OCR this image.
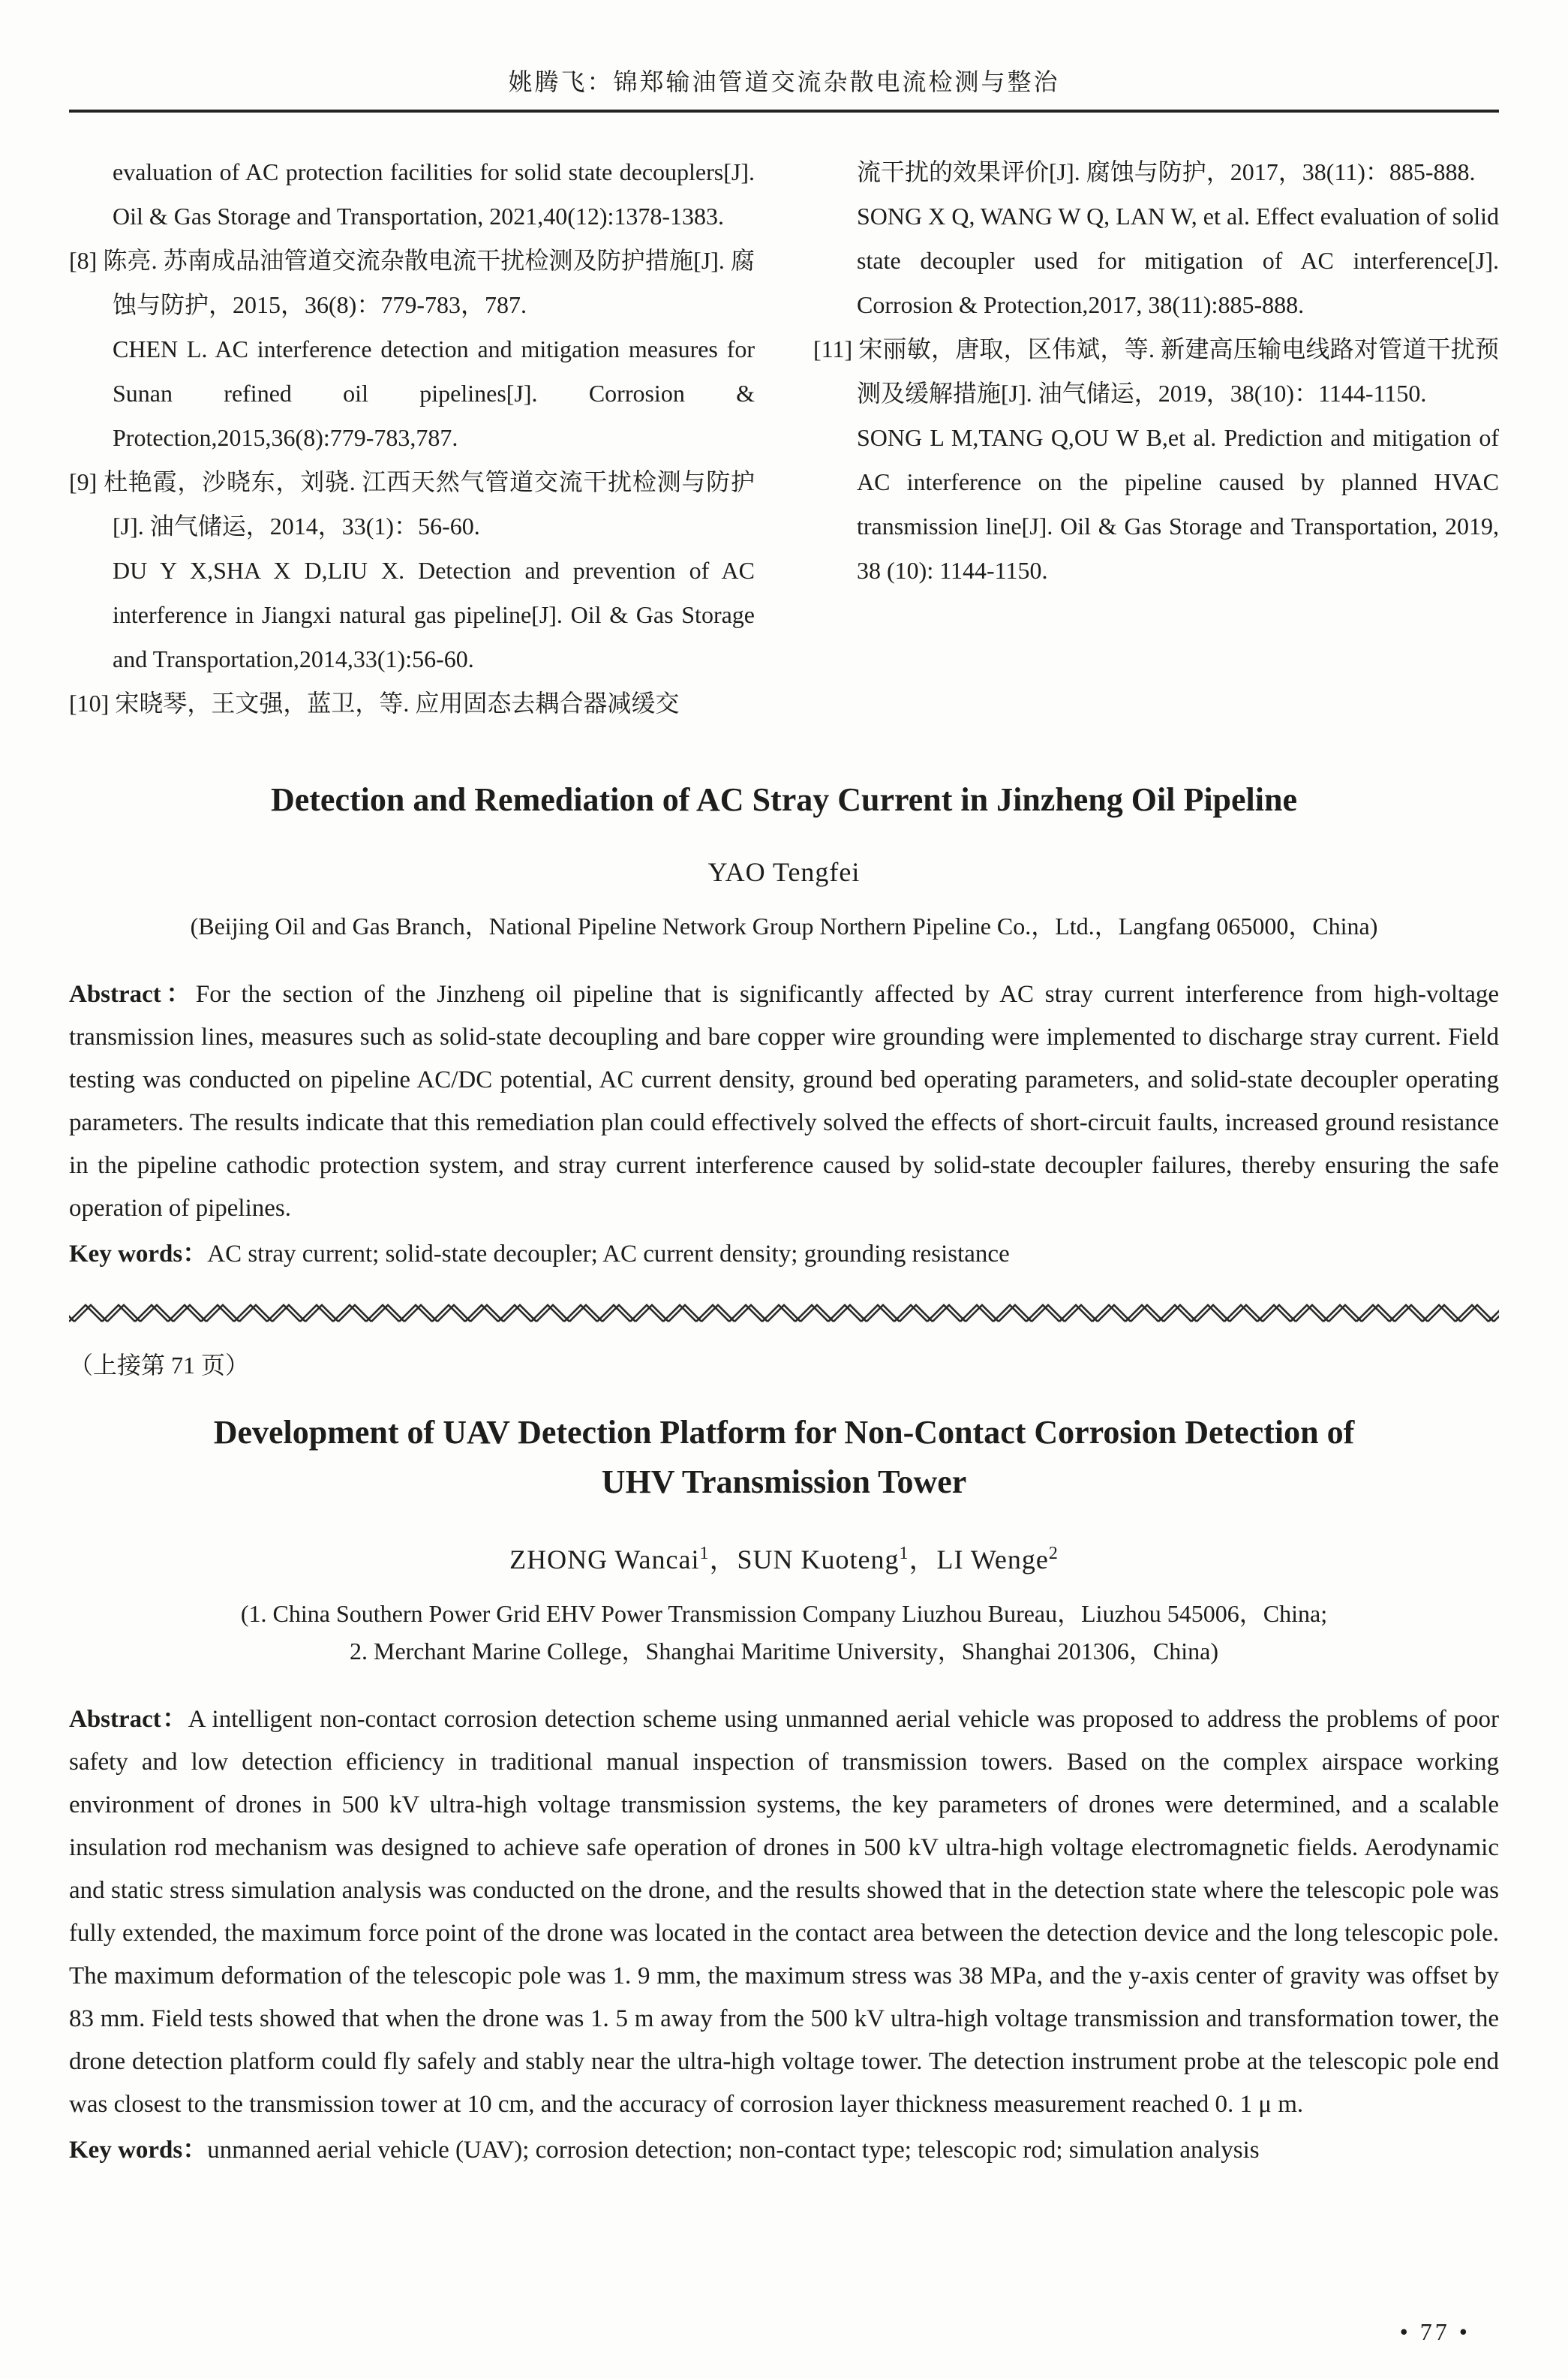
姚腾飞：锦郑输油管道交流杂散电流检测与整治

evaluation of AC protection facilities for solid state decouplers[J]. Oil & Gas Storage and Transportation, 2021,40(12):1378-1383.

[8] 陈亮. 苏南成品油管道交流杂散电流干扰检测及防护措施[J]. 腐蚀与防护，2015，36(8)：779-783，787.

CHEN L. AC interference detection and mitigation measures for Sunan refined oil pipelines[J]. Corrosion & Protection,2015,36(8):779-783,787.

[9] 杜艳霞，沙晓东，刘骁. 江西天然气管道交流干扰检测与防护[J]. 油气储运，2014，33(1)：56-60.

DU Y X,SHA X D,LIU X. Detection and prevention of AC interference in Jiangxi natural gas pipeline[J]. Oil & Gas Storage and Transportation,2014,33(1):56-60.

[10] 宋晓琴，王文强，蓝卫，等. 应用固态去耦合器减缓交

流干扰的效果评价[J]. 腐蚀与防护，2017，38(11)：885-888.

SONG X Q, WANG W Q, LAN W, et al. Effect evaluation of solid state decoupler used for mitigation of AC interference[J]. Corrosion & Protection,2017, 38(11):885-888.

[11] 宋丽敏，唐取，区伟斌，等. 新建高压输电线路对管道干扰预测及缓解措施[J]. 油气储运，2019，38(10)：1144-1150.

SONG L M,TANG Q,OU W B,et al. Prediction and mitigation of AC interference on the pipeline caused by planned HVAC transmission line[J]. Oil & Gas Storage and Transportation, 2019, 38 (10): 1144-1150.

Detection and Remediation of AC Stray Current in Jinzheng Oil Pipeline
YAO Tengfei
(Beijing Oil and Gas Branch，National Pipeline Network Group Northern Pipeline Co.，Ltd.，Langfang 065000，China)

Abstract：For the section of the Jinzheng oil pipeline that is significantly affected by AC stray current interference from high-voltage transmission lines, measures such as solid-state decoupling and bare copper wire grounding were implemented to discharge stray current. Field testing was conducted on pipeline AC/DC potential, AC current density, ground bed operating parameters, and solid-state decoupler operating parameters. The results indicate that this remediation plan could effectively solved the effects of short-circuit faults, increased ground resistance in the pipeline cathodic protection system, and stray current interference caused by solid-state decoupler failures, thereby ensuring the safe operation of pipelines.

Key words：AC stray current; solid-state decoupler; AC current density; grounding resistance

（上接第 71 页）
Development of UAV Detection Platform for Non-Contact Corrosion Detection of
UHV Transmission Tower
ZHONG Wancai$^1$，SUN Kuoteng$^1$，LI Wenge$^2$
(1. China Southern Power Grid EHV Power Transmission Company Liuzhou Bureau，Liuzhou 545006，China;
2. Merchant Marine College，Shanghai Maritime University，Shanghai 201306，China)

Abstract：A intelligent non-contact corrosion detection scheme using unmanned aerial vehicle was proposed to address the problems of poor safety and low detection efficiency in traditional manual inspection of transmission towers. Based on the complex airspace working environment of drones in 500 kV ultra-high voltage transmission systems, the key parameters of drones were determined, and a scalable insulation rod mechanism was designed to achieve safe operation of drones in 500 kV ultra-high voltage electromagnetic fields. Aerodynamic and static stress simulation analysis was conducted on the drone, and the results showed that in the detection state where the telescopic pole was fully extended, the maximum force point of the drone was located in the contact area between the detection device and the long telescopic pole. The maximum deformation of the telescopic pole was 1. 9 mm, the maximum stress was 38 MPa, and the y-axis center of gravity was offset by 83 mm. Field tests showed that when the drone was 1. 5 m away from the 500 kV ultra-high voltage transmission and transformation tower, the drone detection platform could fly safely and stably near the ultra-high voltage tower. The detection instrument probe at the telescopic pole end was closest to the transmission tower at 10 cm, and the accuracy of corrosion layer thickness measurement reached 0. 1 μ m.

Key words：unmanned aerial vehicle (UAV); corrosion detection; non-contact type; telescopic rod; simulation analysis

• 77 •
